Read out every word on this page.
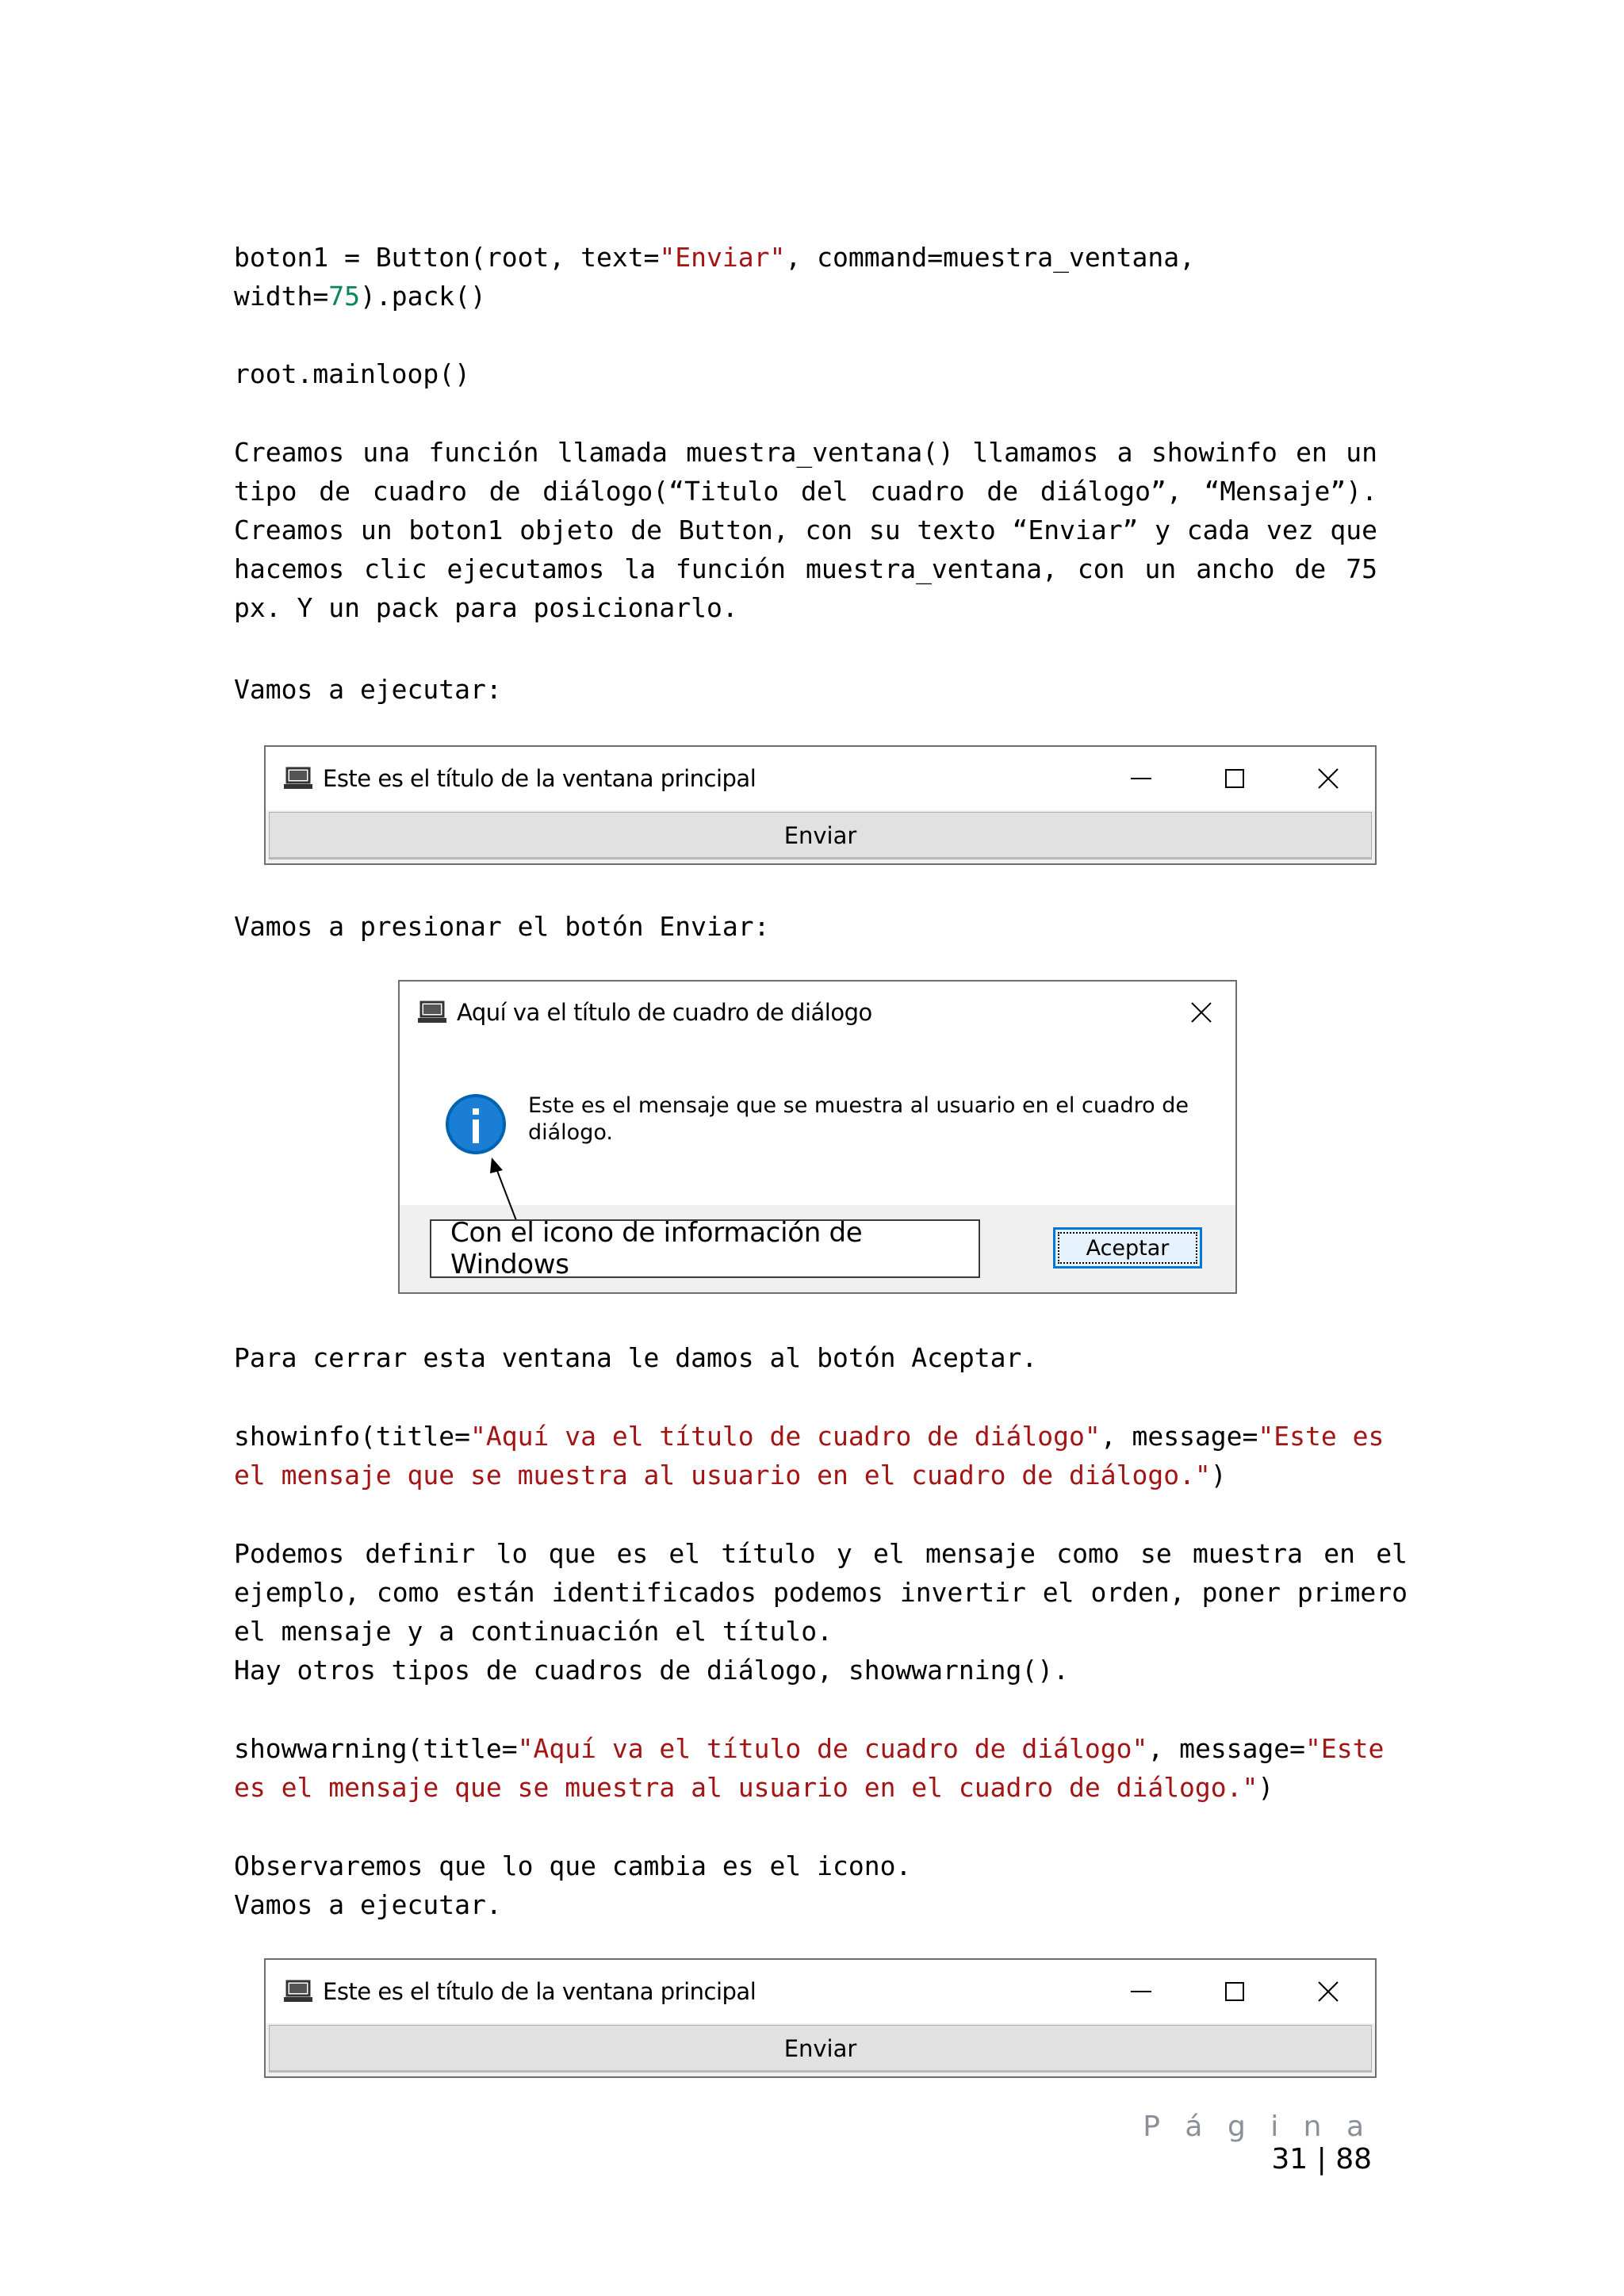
boton1 = Button(root, text="Enviar", command=muestra_ventana,
width=75).pack()
root.mainloop()

Creamos una función llamada muestra_ventana() llamamos a showinfo en un tipo de cuadro de diálogo(“Titulo del cuadro de diálogo”, “Mensaje”). Creamos un boton1 objeto de Button, con su texto “Enviar” y cada vez que hacemos clic ejecutamos la función muestra_ventana, con un ancho de 75 px. Y un pack para posicionarlo.

Vamos a ejecutar:
Este es el título de la ventana principal
Enviar
Vamos a presionar el botón Enviar:
Aquí va el título de cuadro de diálogo
Este es el mensaje que se muestra al usuario en el cuadro de diálogo.
Con el icono de información de Windows
Aceptar
Para cerrar esta ventana le damos al botón Aceptar.
showinfo(title="Aquí va el título de cuadro de diálogo", message="Este es
el mensaje que se muestra al usuario en el cuadro de diálogo.")

Podemos definir lo que es el título y el mensaje como se muestra en el ejemplo, como están identificados podemos invertir el orden, poner primero el mensaje y a continuación el título.

Hay otros tipos de cuadros de diálogo, showwarning().
showwarning(title="Aquí va el título de cuadro de diálogo", message="Este
es el mensaje que se muestra al usuario en el cuadro de diálogo.")
Observaremos que lo que cambia es el icono.
Vamos a ejecutar.
Este es el título de la ventana principal
Enviar
P á g i n a 31 | 88
